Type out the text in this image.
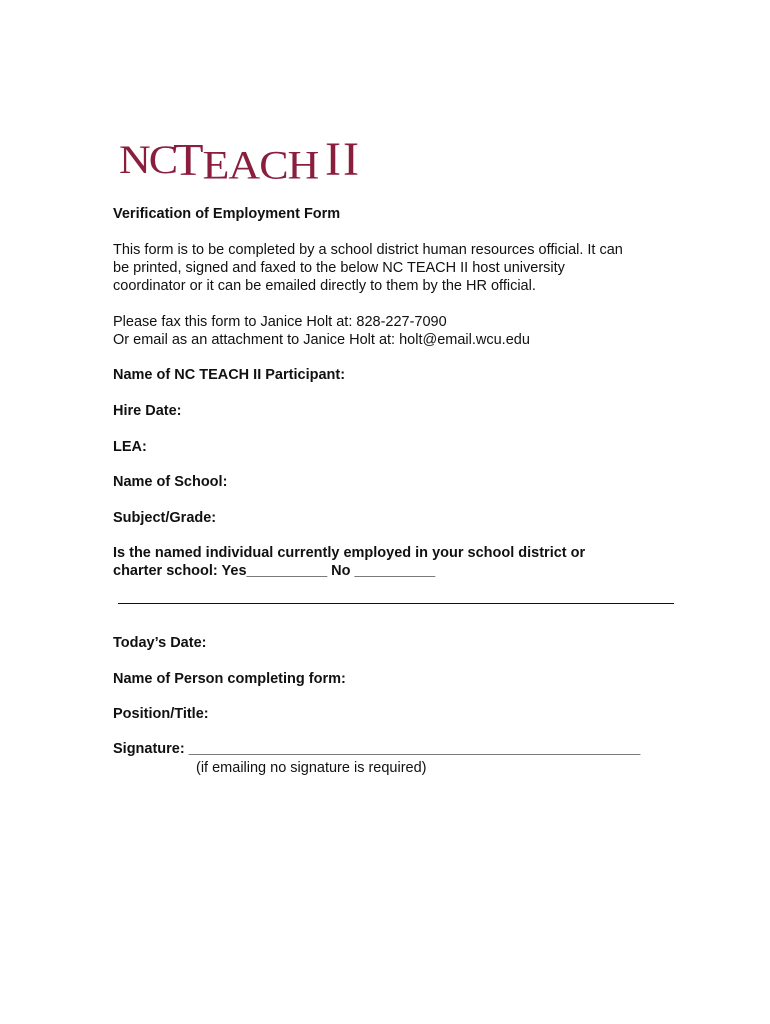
NC
TEACH II
Verification of Employment Form
This form is to be completed by a school district human resources official. It can
be printed, signed and faxed to the below NC TEACH II host university
coordinator or it can be emailed directly to them by the HR official.
Please fax this form to Janice Holt at: 828-227-7090
Or email as an attachment to Janice Holt at: holt@email.wcu.edu
Name of NC TEACH II Participant:
Hire Date:
LEA:
Name of School:
Subject/Grade:
Is the named individual currently employed in your school district or
charter school: Yes__________ No __________
Today’s Date:
Name of Person completing form:
Position/Title:
Signature: ________________________________________________________
(if emailing no signature is required)
